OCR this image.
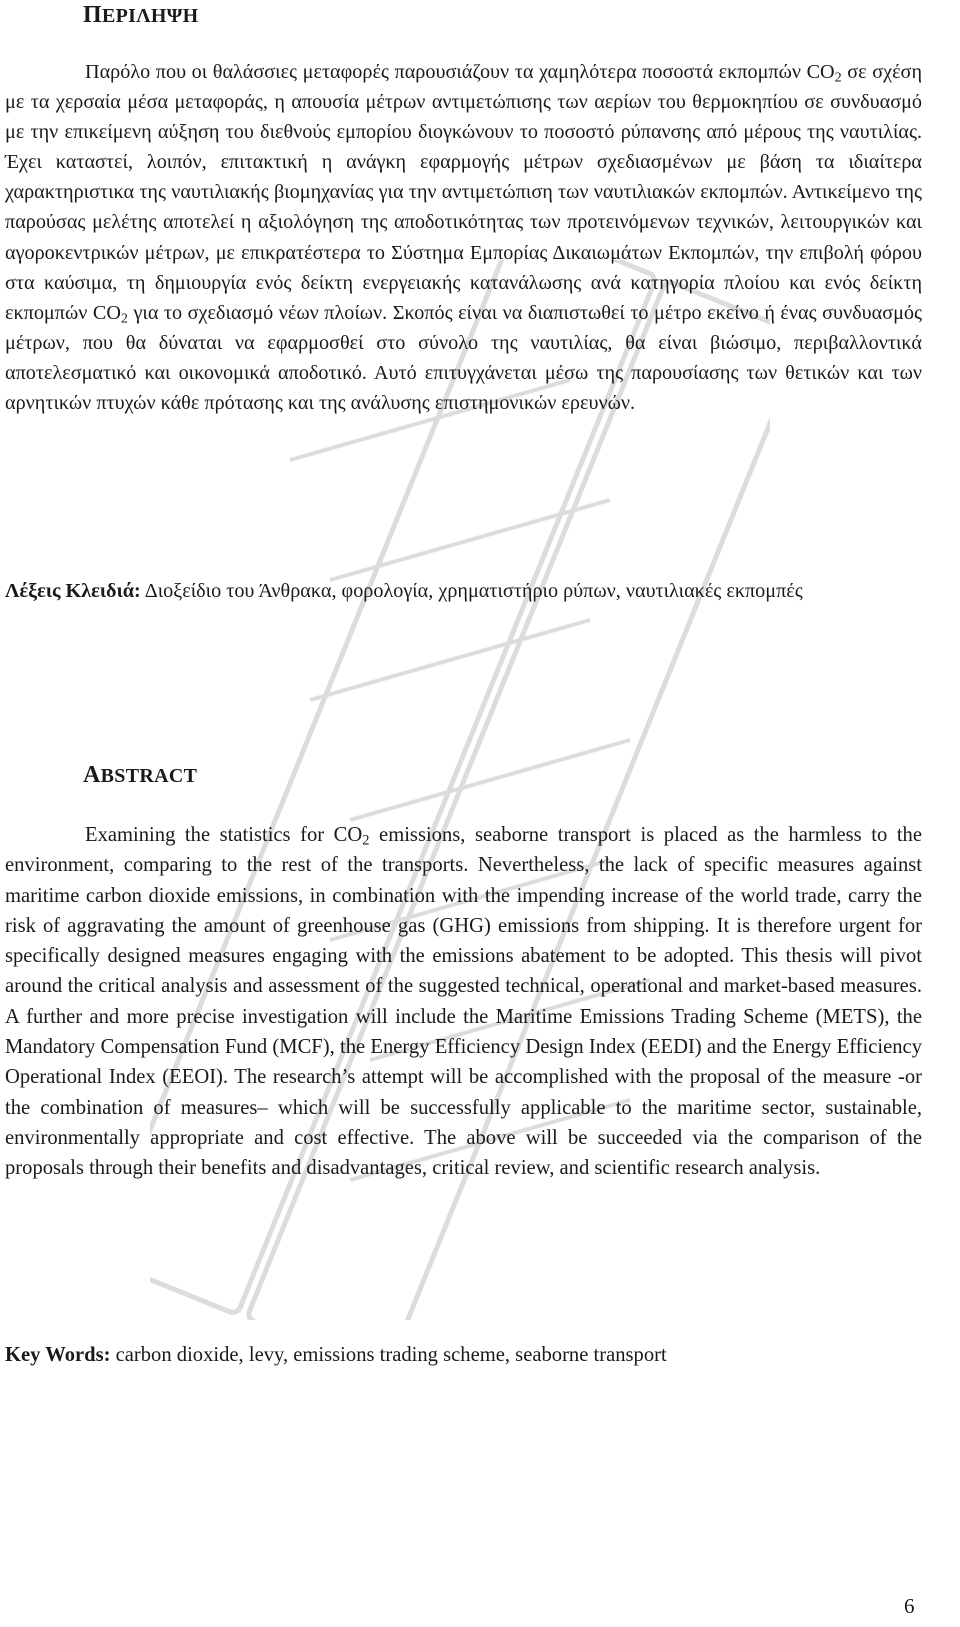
ΠΕΡΙΛΗΨΗ

Παρόλο που οι θαλάσσιες μεταφορές παρουσιάζουν τα χαμηλότερα ποσοστά εκπομπών $CO_2$ σε σχέση με τα χερσαία μέσα μεταφοράς, η απουσία μέτρων αντιμετώπισης των αερίων του θερμοκηπίου σε συνδυασμό με την επικείμενη αύξηση του διεθνούς εμπορίου διογκώνουν το ποσοστό ρύπανσης από μέρους της ναυτιλίας. Έχει καταστεί, λοιπόν, επιτακτική η ανάγκη εφαρμογής μέτρων σχεδιασμένων με βάση τα ιδιαίτερα χαρακτηριστικα της ναυτιλιακής βιομηχανίας για την αντιμετώπιση των ναυτιλιακών εκπομπών. Αντικείμενο της παρούσας μελέτης αποτελεί η αξιολόγηση της αποδοτικότητας των προτεινόμενων τεχνικών, λειτουργικών και αγοροκεντρικών μέτρων, με επικρατέστερα το Σύστημα Εμπορίας Δικαιωμάτων Εκπομπών, την επιβολή φόρου στα καύσιμα, τη δημιουργία ενός δείκτη ενεργειακής κατανάλωσης ανά κατηγορία πλοίου και ενός δείκτη εκπομπών $CO_2$ για το σχεδιασμό νέων πλοίων. Σκοπός είναι να διαπιστωθεί το μέτρο εκείνο ή ένας συνδυασμός μέτρων, που θα δύναται να εφαρμοσθεί στο σύνολο της ναυτιλίας, θα είναι βιώσιμο, περιβαλλοντικά αποτελεσματικό και οικονομικά αποδοτικό. Αυτό επιτυγχάνεται μέσω της παρουσίασης των θετικών και των αρνητικών πτυχών κάθε πρότασης και της ανάλυσης επιστημονικών ερευνών.

Λέξεις Κλειδιά: Διοξείδιο του Άνθρακα, φορολογία, χρηματιστήριο ρύπων, ναυτιλιακές εκπομπές

ABSTRACT

Examining the statistics for $CO_2$ emissions, seaborne transport is placed as the harmless to the environment, comparing to the rest of the transports. Nevertheless, the lack of specific measures against maritime carbon dioxide emissions, in combination with the impending increase of the world trade, carry the risk of aggravating the amount of greenhouse gas (GHG) emissions from shipping. It is therefore urgent for specifically designed measures engaging with the emissions abatement to be adopted. This thesis will pivot around the critical analysis and assessment of the suggested technical, operational and market-based measures. A further and more precise investigation will include the Maritime Emissions Trading Scheme (METS), the Mandatory Compensation Fund (MCF), the Energy Efficiency Design Index (EEDI) and the Energy Efficiency Operational Index (EEOI). The research’s attempt will be accomplished with the proposal of the measure -or the combination of measures– which will be successfully applicable to the maritime sector, sustainable, environmentally appropriate and cost effective. The above will be succeeded via the comparison of the proposals through their benefits and disadvantages, critical review, and scientific research analysis.

Key Words: carbon dioxide, levy, emissions trading scheme, seaborne transport

6
